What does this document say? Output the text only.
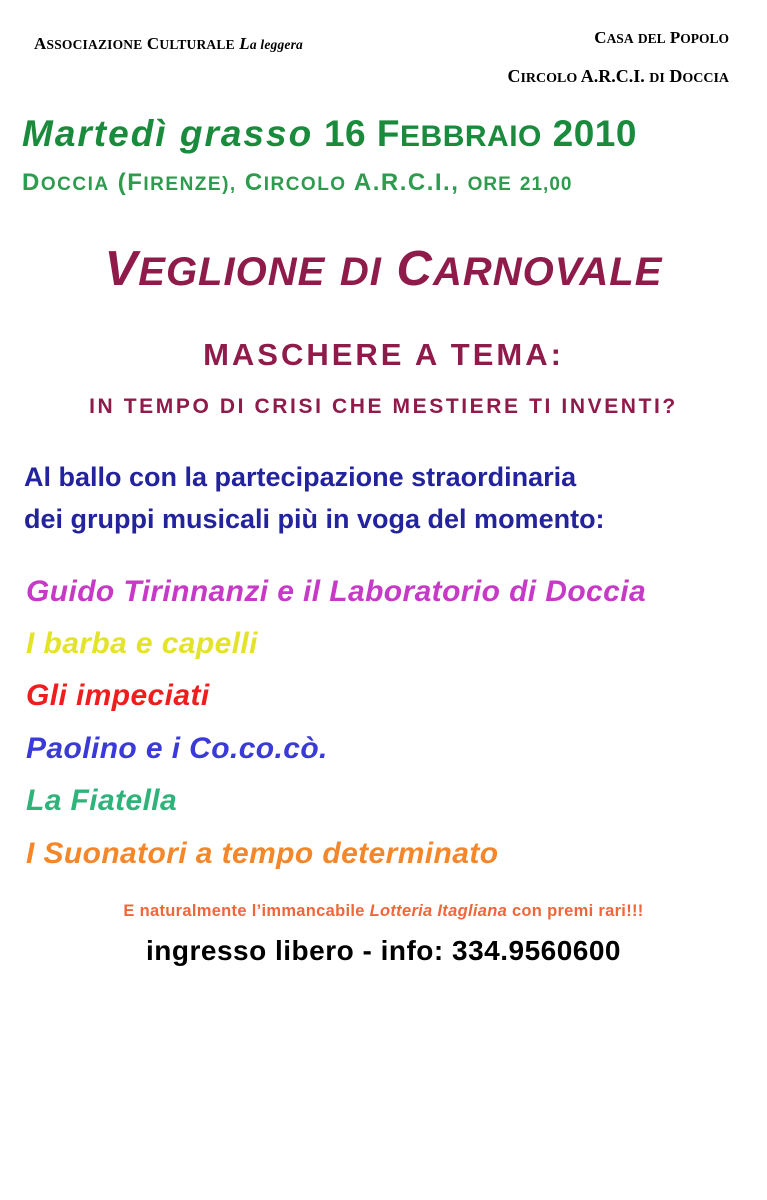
ASSOCIAZIONE CULTURALE La leggera	CASA DEL POPOLO
CIRCOLO A.R.C.I. DI DOCCIA
Martedì grasso 16 FEBBRAIO 2010
DOCCIA (FIRENZE), CIRCOLO A.R.C.I., ORE 21,00
VEGLIONE DI CARNOVALE
MASCHERE A TEMA:
IN TEMPO DI CRISI CHE MESTIERE TI INVENTI?
Al ballo con la partecipazione straordinaria
dei gruppi musicali più in voga del momento:
Guido Tirinnanzi e il Laboratorio di Doccia
I barba e capelli
Gli impeciati
Paolino e i Co.co.cò.
La Fiatella
I Suonatori a tempo determinato
E naturalmente l’immancabile Lotteria Itagliana con premi rari!!!
ingresso libero - info: 334.9560600
